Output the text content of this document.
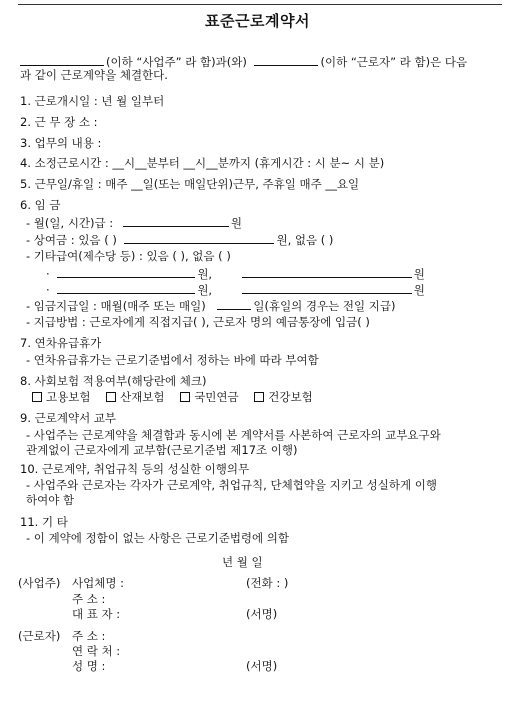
표준근로계약서
(이하 “사업주” 라 함)과(와)	(이하 “근로자” 라 함)은 다음
과 같이 근로계약을 체결한다.
1. 근로개시일 : 년 월 일부터
2. 근 무 장 소 :
3. 업무의 내용 :
4. 소정근로시간 : __시__분부터 __시__분까지 (휴게시간 : 시 분~ 시 분)
5. 근무일/휴일 : 매주 __일(또는 매일단위)근무, 주휴일 매주 __요일
6. 임 금
- 월(일, 시간)급 :	원
- 상여금 : 있음 ( )	원, 없음 ( )
- 기타급여(제수당 등) : 있음 ( ), 없음 ( )
·	원,	원
·	원,	원
- 임금지급일 : 매월(매주 또는 매일)	일(휴일의 경우는 전일 지급)
- 지급방법 : 근로자에게 직접지급( ), 근로자 명의 예금통장에 입금( )
7. 연차유급휴가
- 연차유급휴가는 근로기준법에서 정하는 바에 따라 부여함
8. 사회보험 적용여부(해당란에 체크)
고용보험	산재보험	국민연금	건강보험
9. 근로계약서 교부
- 사업주는 근로계약을 체결함과 동시에 본 계약서를 사본하여 근로자의 교부요구와
관계없이 근로자에게 교부함(근로기준법 제17조 이행)
10. 근로계약, 취업규칙 등의 성실한 이행의무
- 사업주와 근로자는 각자가 근로계약, 취업규칙, 단체협약을 지키고 성실하게 이행
하여야 함
11. 기 타
- 이 계약에 정함이 없는 사항은 근로기준법령에 의함
년 월 일
(사업주) 사업체명 :	(전화 : )
주 소 :
대 표 자 :	(서명)
(근로자) 주 소 :
연 락 처 :
성 명 :	(서명)
